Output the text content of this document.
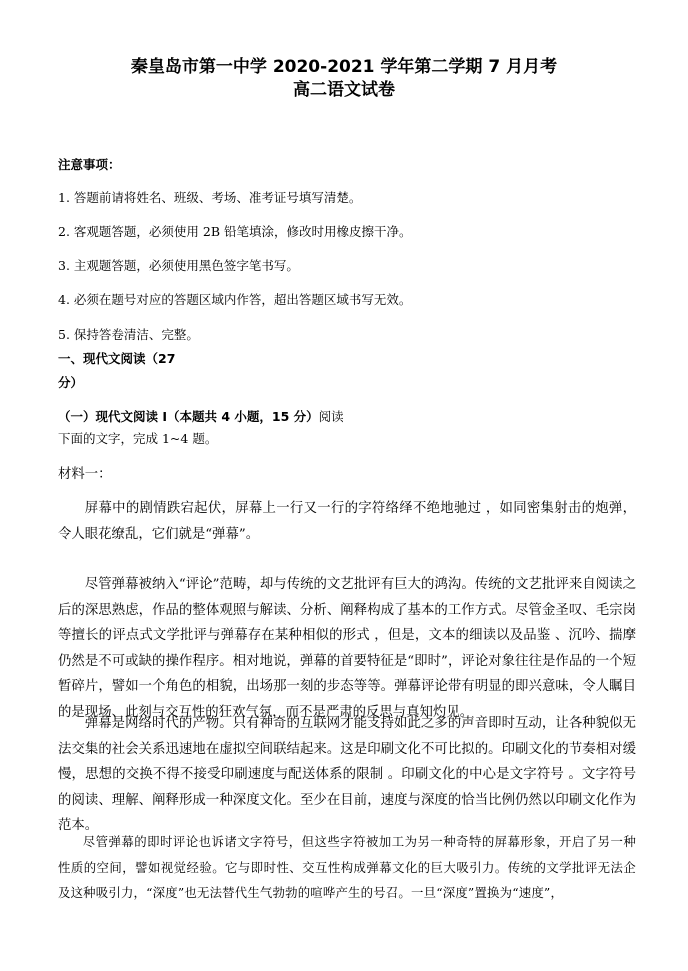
秦皇岛市第一中学 2020-2021 学年第二学期 7 月月考
高二语文试卷
注意事项：
1. 答题前请将姓名、班级、考场、准考证号填写清楚。
2. 客观题答题，必须使用 2B 铅笔填涂，修改时用橡皮擦干净。
3. 主观题答题，必须使用黑色签字笔书写。
4. 必须在题号对应的答题区域内作答，超出答题区域书写无效。
5. 保持答卷清洁、完整。
一、现代文阅读（27
分）
（一）现代文阅读 I（本题共 4 小题，15 分）阅读
下面的文字，完成 1~4 题。
材料一：
屏幕中的剧情跌宕起伏，屏幕上一行又一行的字符络绎不绝地驰过 ，如同密集射击的炮弹，令人眼花缭乱，它们就是“弹幕”。
尽管弹幕被纳入“评论”范畴，却与传统的文艺批评有巨大的鸿沟。传统的文艺批评来自阅读之后的深思熟虑，作品的整体观照与解读、分析、阐释构成了基本的工作方式。尽管金圣叹、毛宗岗等擅长的评点式文学批评与弹幕存在某种相似的形式 ，但是，文本的细读以及品鉴 、沉吟、揣摩仍然是不可或缺的操作程序。相对地说，弹幕的首要特征是“即时”，评论对象往往是作品的一个短暂碎片，譬如一个角色的相貌，出场那一刻的步态等等。弹幕评论带有明显的即兴意味，令人瞩目的是现场、此刻与交互性的狂欢气氛，而不是严肃的反思与真知灼见。
弹幕是网络时代的产物。只有神奇的互联网才能支持如此之多的声音即时互动，让各种貌似无法交集的社会关系迅速地在虚拟空间联结起来。这是印刷文化不可比拟的。印刷文化的节奏相对缓慢，思想的交换不得不接受印刷速度与配送体系的限制 。印刷文化的中心是文字符号 。文字符号的阅读、理解、阐释形成一种深度文化。至少在目前，速度与深度的恰当比例仍然以印刷文化作为范本。
尽管弹幕的即时评论也诉诸文字符号，但这些字符被加工为另一种奇特的屏幕形象，开启了另一种性质的空间，譬如视觉经验。它与即时性、交互性构成弹幕文化的巨大吸引力。传统的文学批评无法企及这种吸引力，“深度”也无法替代生气勃勃的喧哗产生的号召。一旦“深度”置换为“速度”，
